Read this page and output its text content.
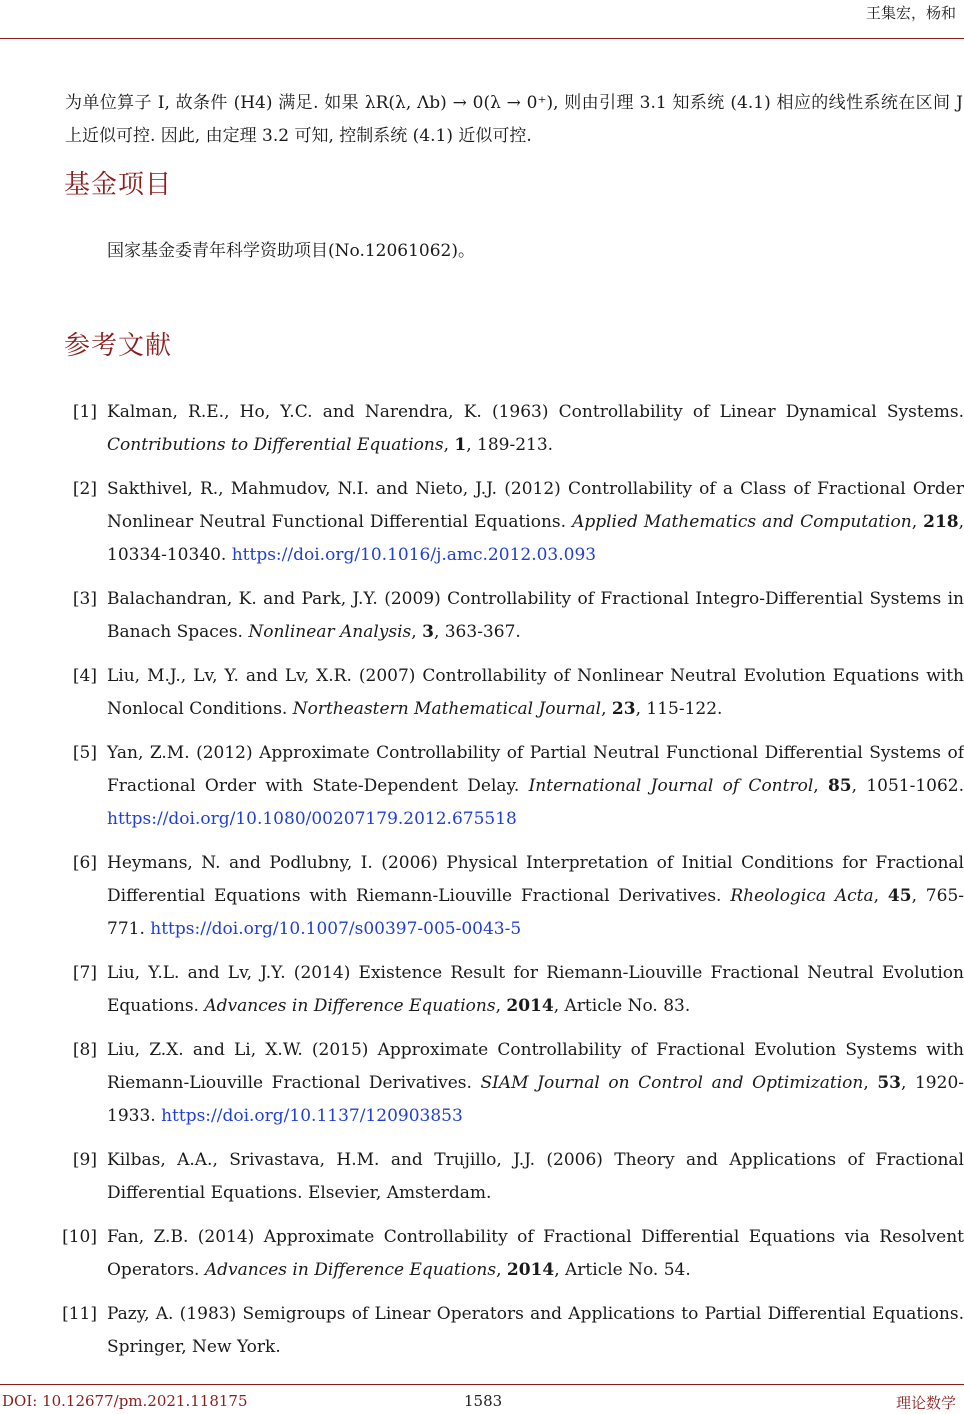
王集宏，杨和

为单位算子 I, 故条件 (H4) 满足. 如果 λR(λ, Λb) → 0(λ → 0⁺), 则由引理 3.1 知系统 (4.1) 相应的线性系统在区间 J 上近似可控. 因此, 由定理 3.2 可知, 控制系统 (4.1) 近似可控.

基金项目
国家基金委青年科学资助项目(No.12061062)。
参考文献
[1] Kalman, R.E., Ho, Y.C. and Narendra, K. (1963) Controllability of Linear Dynamical Systems. Contributions to Differential Equations, 1, 189-213.
[2] Sakthivel, R., Mahmudov, N.I. and Nieto, J.J. (2012) Controllability of a Class of Fractional Order Nonlinear Neutral Functional Differential Equations. Applied Mathematics and Computation, 218, 10334-10340. https://doi.org/10.1016/j.amc.2012.03.093
[3] Balachandran, K. and Park, J.Y. (2009) Controllability of Fractional Integro-Differential Systems in Banach Spaces. Nonlinear Analysis, 3, 363-367.
[4] Liu, M.J., Lv, Y. and Lv, X.R. (2007) Controllability of Nonlinear Neutral Evolution Equations with Nonlocal Conditions. Northeastern Mathematical Journal, 23, 115-122.
[5] Yan, Z.M. (2012) Approximate Controllability of Partial Neutral Functional Differential Systems of Fractional Order with State-Dependent Delay. International Journal of Control, 85, 1051-1062. https://doi.org/10.1080/00207179.2012.675518
[6] Heymans, N. and Podlubny, I. (2006) Physical Interpretation of Initial Conditions for Fractional Differential Equations with Riemann-Liouville Fractional Derivatives. Rheologica Acta, 45, 765-771. https://doi.org/10.1007/s00397-005-0043-5
[7] Liu, Y.L. and Lv, J.Y. (2014) Existence Result for Riemann-Liouville Fractional Neutral Evolution Equations. Advances in Difference Equations, 2014, Article No. 83.
[8] Liu, Z.X. and Li, X.W. (2015) Approximate Controllability of Fractional Evolution Systems with Riemann-Liouville Fractional Derivatives. SIAM Journal on Control and Optimization, 53, 1920-1933. https://doi.org/10.1137/120903853
[9] Kilbas, A.A., Srivastava, H.M. and Trujillo, J.J. (2006) Theory and Applications of Fractional Differential Equations. Elsevier, Amsterdam.
[10] Fan, Z.B. (2014) Approximate Controllability of Fractional Differential Equations via Resolvent Operators. Advances in Difference Equations, 2014, Article No. 54.
[11] Pazy, A. (1983) Semigroups of Linear Operators and Applications to Partial Differential Equations. Springer, New York.
DOI: 10.12677/pm.2021.118175	1583	理论数学
